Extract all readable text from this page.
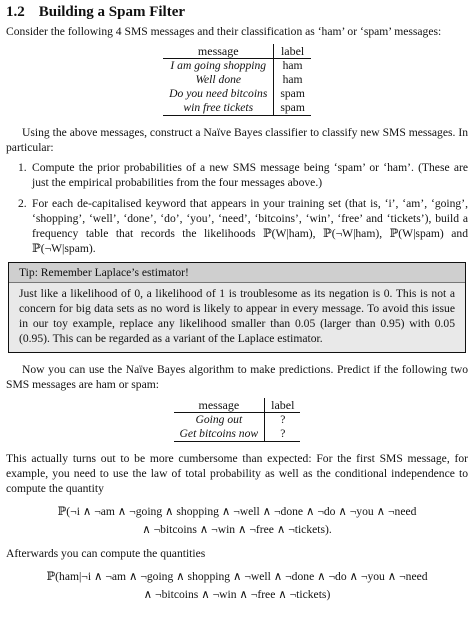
1.2 Building a Spam Filter

Consider the following 4 SMS messages and their classification as ‘ham’ or ‘spam’ messages:

message	label
I am going shopping	ham
Well done	ham
Do you need bitcoins	spam
win free tickets	spam

Using the above messages, construct a Naïve Bayes classifier to classify new SMS messages. In particular:

1. Compute the prior probabilities of a new SMS message being ‘spam’ or ‘ham’. (These are just the empirical probabilities from the four messages above.)
2. For each de-capitalised keyword that appears in your training set (that is, ‘i’, ‘am’, ‘going’, ‘shopping’, ‘well’, ‘done’, ‘do’, ‘you’, ‘need’, ‘bitcoins’, ‘win’, ‘free’ and ‘tickets’), build a frequency table that records the likelihoods ℙ(W|ham), ℙ(¬W|ham), ℙ(W|spam) and ℙ(¬W|spam).
Tip: Remember Laplace’s estimator!
Just like a likelihood of 0, a likelihood of 1 is troublesome as its negation is 0. This is not a concern for big data sets as no word is likely to appear in every message. To avoid this issue in our toy example, replace any likelihood smaller than 0.05 (larger than 0.95) with 0.05 (0.95). This can be regarded as a variant of the Laplace estimator.

Now you can use the Naïve Bayes algorithm to make predictions. Predict if the following two SMS messages are ham or spam:

message	label
Going out	?
Get bitcoins now	?

This actually turns out to be more cumbersome than expected: For the first SMS message, for example, you need to use the law of total probability as well as the conditional independence to compute the quantity

ℙ(¬i ∧ ¬am ∧ ¬going ∧ shopping ∧ ¬well ∧ ¬done ∧ ¬do ∧ ¬you ∧ ¬need
∧ ¬bitcoins ∧ ¬win ∧ ¬free ∧ ¬tickets).

Afterwards you can compute the quantities

ℙ(ham|¬i ∧ ¬am ∧ ¬going ∧ shopping ∧ ¬well ∧ ¬done ∧ ¬do ∧ ¬you ∧ ¬need
∧ ¬bitcoins ∧ ¬win ∧ ¬free ∧ ¬tickets)
